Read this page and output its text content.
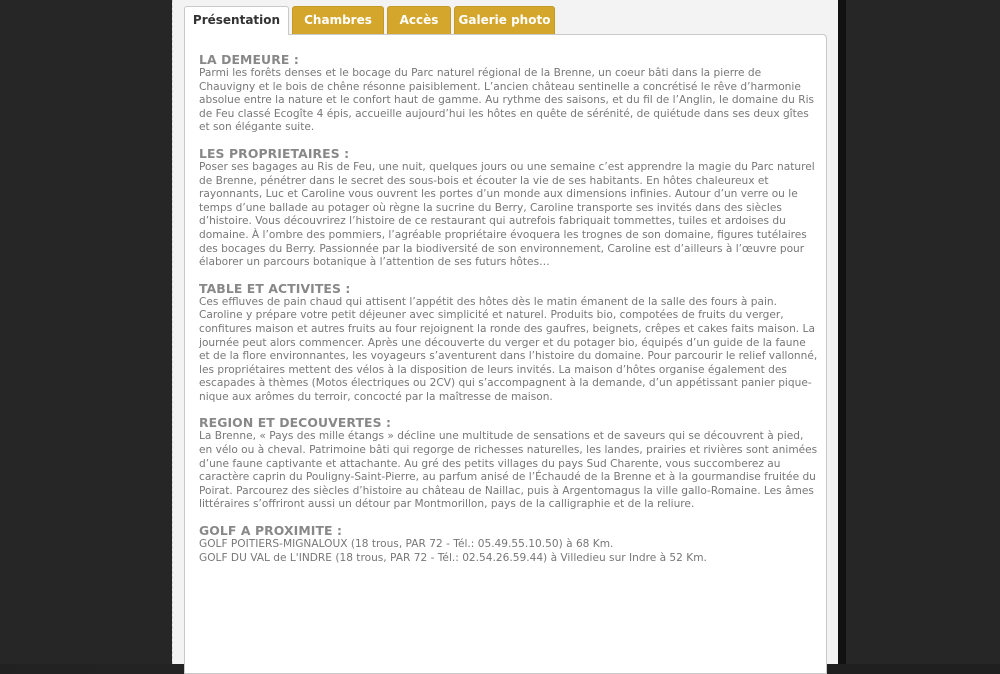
Présentation	Chambres	Accès	Galerie photo
LA DEMEURE :

Parmi les forêts denses et le bocage du Parc naturel régional de la Brenne, un coeur bâti dans la pierre de Chauvigny et le bois de chêne résonne paisiblement. L’ancien château sentinelle a concrétisé le rêve d’harmonie absolue entre la nature et le confort haut de gamme. Au rythme des saisons, et du fil de l’Anglin, le domaine du Ris de Feu classé Ecogîte 4 épis, accueille aujourd’hui les hôtes en quête de sérénité, de quiétude dans ses deux gîtes et son élégante suite.

LES PROPRIETAIRES :

Poser ses bagages au Ris de Feu, une nuit, quelques jours ou une semaine c’est apprendre la magie du Parc naturel de Brenne, pénétrer dans le secret des sous-bois et écouter la vie de ses habitants. En hôtes chaleureux et rayonnants, Luc et Caroline vous ouvrent les portes d’un monde aux dimensions infinies. Autour d’un verre ou le temps d’une ballade au potager où règne la sucrine du Berry, Caroline transporte ses invités dans des siècles d’histoire. Vous découvrirez l’histoire de ce restaurant qui autrefois fabriquait tommettes, tuiles et ardoises du domaine. À l’ombre des pommiers, l’agréable propriétaire évoquera les trognes de son domaine, figures tutélaires des bocages du Berry. Passionnée par la biodiversité de son environnement, Caroline est d’ailleurs à l’œuvre pour élaborer un parcours botanique à l’attention de ses futurs hôtes…

TABLE ET ACTIVITES :

Ces effluves de pain chaud qui attisent l’appétit des hôtes dès le matin émanent de la salle des fours à pain. Caroline y prépare votre petit déjeuner avec simplicité et naturel. Produits bio, compotées de fruits du verger, confitures maison et autres fruits au four rejoignent la ronde des gaufres, beignets, crêpes et cakes faits maison. La journée peut alors commencer. Après une découverte du verger et du potager bio, équipés d’un guide de la faune et de la flore environnantes, les voyageurs s’aventurent dans l’histoire du domaine. Pour parcourir le relief vallonné, les propriétaires mettent des vélos à la disposition de leurs invités. La maison d’hôtes organise également des escapades à thèmes (Motos électriques ou 2CV) qui s’accompagnent à la demande, d’un appétissant panier pique-nique aux arômes du terroir, concocté par la maîtresse de maison.

REGION ET DECOUVERTES :

La Brenne, « Pays des mille étangs » décline une multitude de sensations et de saveurs qui se découvrent à pied, en vélo ou à cheval. Patrimoine bâti qui regorge de richesses naturelles, les landes, prairies et rivières sont animées d’une faune captivante et attachante. Au gré des petits villages du pays Sud Charente, vous succomberez au caractère caprin du Pouligny-Saint-Pierre, au parfum anisé de l’Échaudé de la Brenne et à la gourmandise fruitée du Poirat. Parcourez des siècles d’histoire au château de Naillac, puis à Argentomagus la ville gallo-Romaine. Les âmes littéraires s’offriront aussi un détour par Montmorillon, pays de la calligraphie et de la reliure.

GOLF A PROXIMITE :

GOLF POITIERS-MIGNALOUX (18 trous, PAR 72 - Tél.: 05.49.55.10.50) à 68 Km.

GOLF DU VAL de L'INDRE (18 trous, PAR 72 - Tél.: 02.54.26.59.44) à Villedieu sur Indre à 52 Km.
